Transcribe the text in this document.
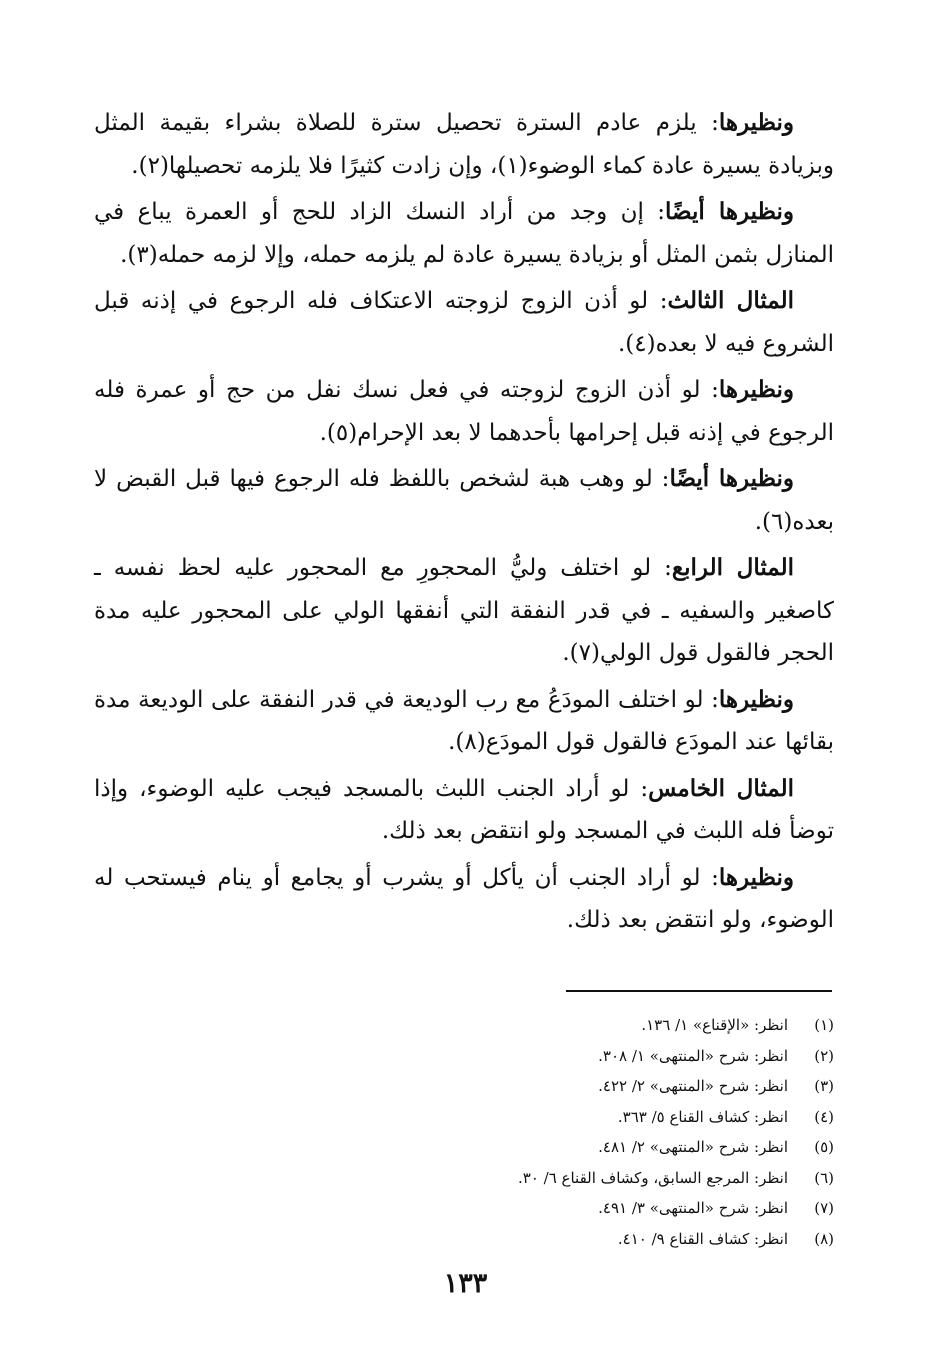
ونظيرها: يلزم عادم السترة تحصيل سترة للصلاة بشراء بقيمة المثل وبزيادة يسيرة عادة كماء الوضوء(١)، وإن زادت كثيرًا فلا يلزمه تحصيلها(٢).

ونظيرها أيضًا: إن وجد من أراد النسك الزاد للحج أو العمرة يباع في المنازل بثمن المثل أو بزيادة يسيرة عادة لم يلزمه حمله، وإلا لزمه حمله(٣).

المثال الثالث: لو أذن الزوج لزوجته الاعتكاف فله الرجوع في إذنه قبل الشروع فيه لا بعده(٤).

ونظيرها: لو أذن الزوج لزوجته في فعل نسك نفل من حج أو عمرة فله الرجوع في إذنه قبل إحرامها بأحدهما لا بعد الإحرام(٥).

ونظيرها أيضًا: لو وهب هبة لشخص باللفظ فله الرجوع فيها قبل القبض لا بعده(٦).

المثال الرابع: لو اختلف وليُّ المحجورِ مع المحجور عليه لحظ نفسه ـ كاصغير والسفيه ـ في قدر النفقة التي أنفقها الولي على المحجور عليه مدة الحجر فالقول قول الولي(٧).

ونظيرها: لو اختلف المودَعُ مع رب الوديعة في قدر النفقة على الوديعة مدة بقائها عند المودَع فالقول قول المودَع(٨).

المثال الخامس: لو أراد الجنب اللبث بالمسجد فيجب عليه الوضوء، وإذا توضأ فله اللبث في المسجد ولو انتقض بعد ذلك.

ونظيرها: لو أراد الجنب أن يأكل أو يشرب أو يجامع أو ينام فيستحب له الوضوء، ولو انتقض بعد ذلك.

(١)
انظر: «الإقناع» ١/ ١٣٦.
(٢)
انظر: شرح «المنتهى» ١/ ٣٠٨.
(٣)
انظر: شرح «المنتهى» ٢/ ٤٢٢.
(٤)
انظر: كشاف القناع ٥/ ٣٦٣.
(٥)
انظر: شرح «المنتهى» ٢/ ٤٨١.
(٦)
انظر: المرجع السابق، وكشاف القناع ٦/ ٣٠.
(٧)
انظر: شرح «المنتهى» ٣/ ٤٩١.
(٨)
انظر: كشاف القناع ٩/ ٤١٠.
١٣٣
